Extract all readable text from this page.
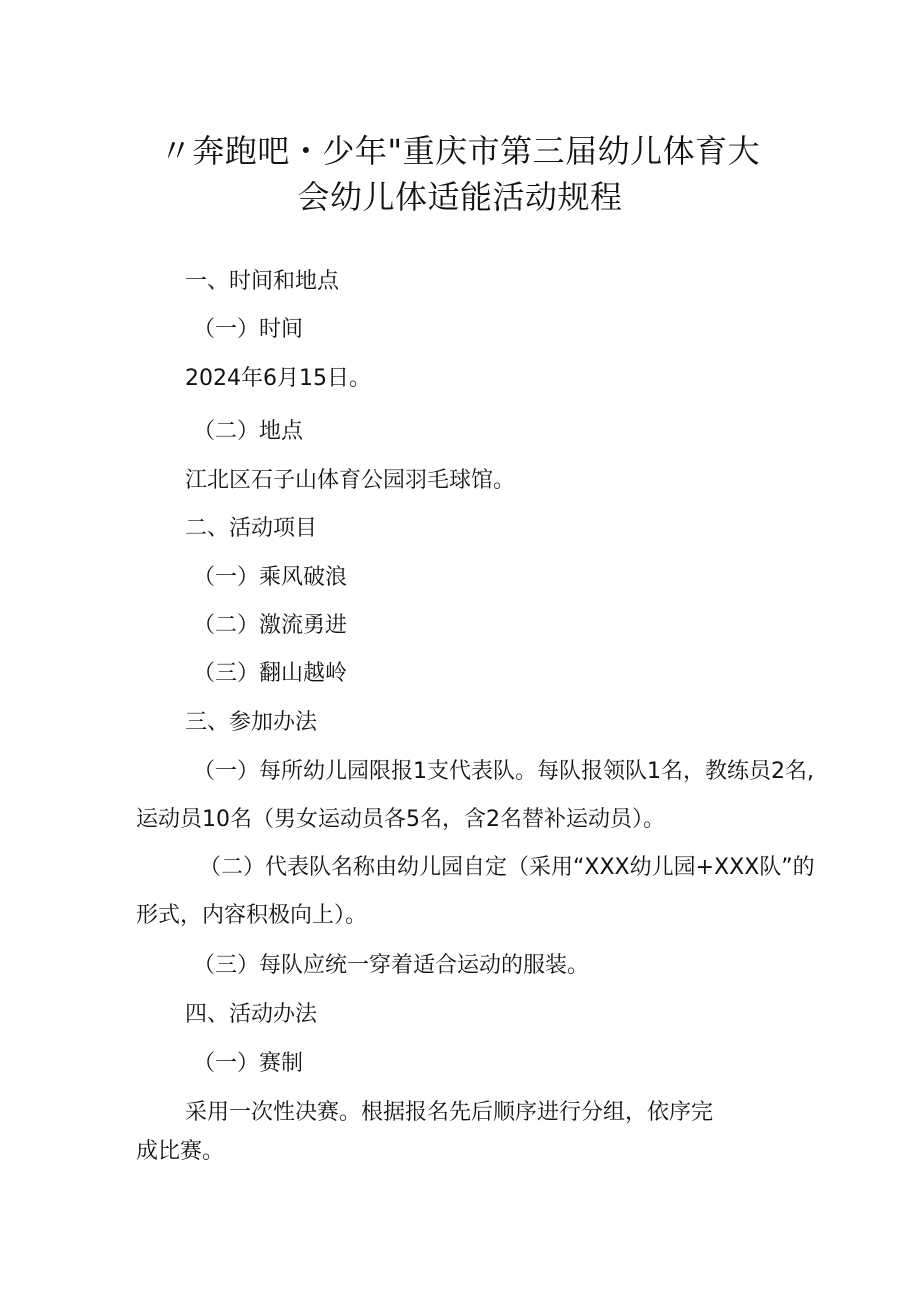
〃奔跑吧・少年"重庆市第三届幼儿体育大
会幼儿体适能活动规程
一、时间和地点
（一）时间
2024年6月15日。
（二）地点
江北区石子山体育公园羽毛球馆。
二、活动项目
（一）乘风破浪
（二）激流勇进
（三）翻山越岭
三、参加办法
（一）每所幼儿园限报1支代表队。每队报领队1名，教练员2名,
运动员10名（男女运动员各5名，含2名替补运动员）。
（二）代表队名称由幼儿园自定（采用“XXX幼儿园+XXX队”的
形式，内容积极向上）。
（三）每队应统一穿着适合运动的服装。
四、活动办法
（一）赛制
采用一次性决赛。根据报名先后顺序进行分组，依序完
成比赛。
